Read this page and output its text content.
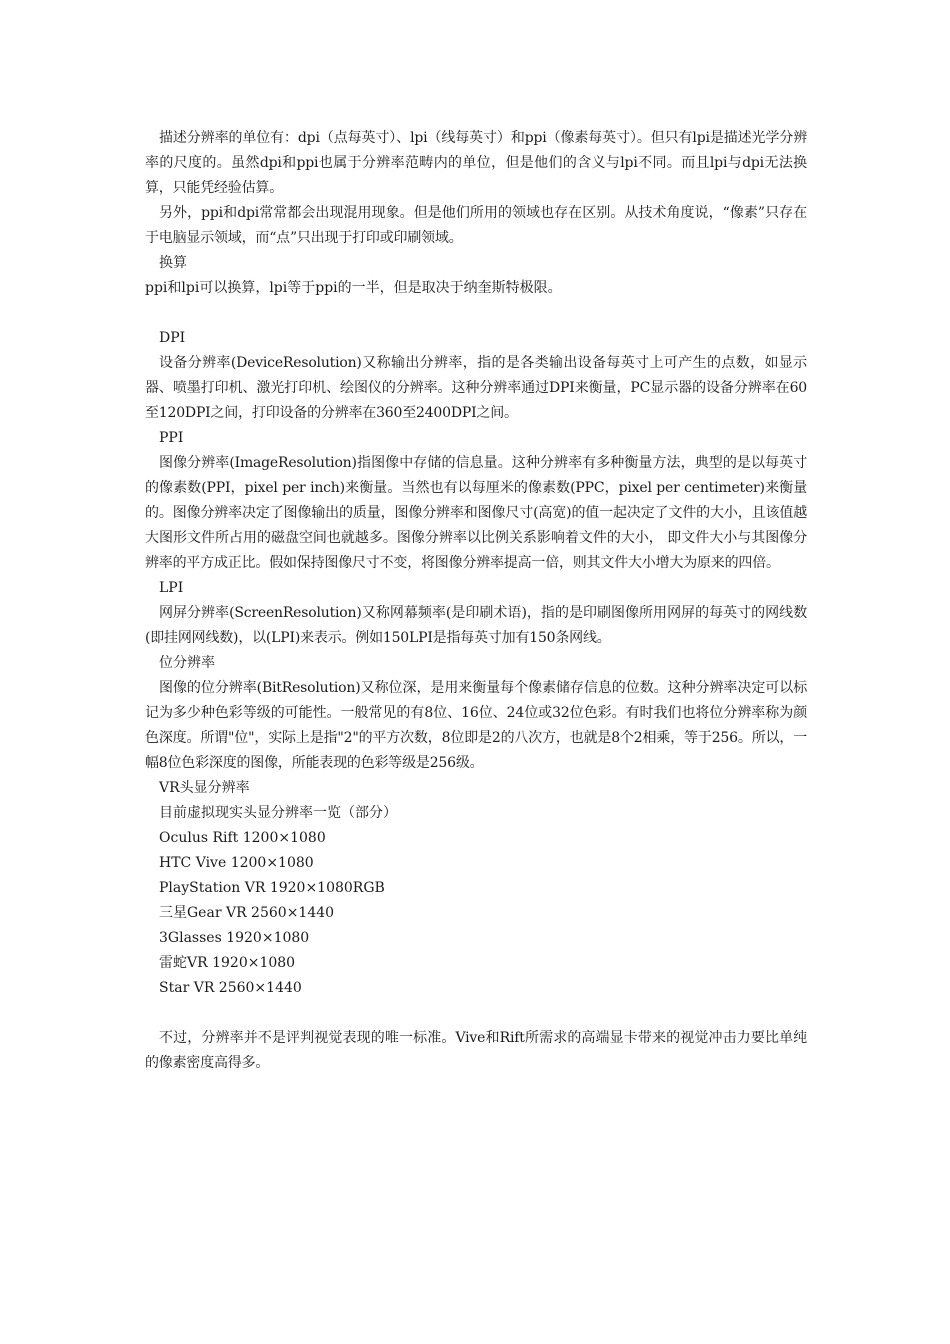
描述分辨率的单位有：dpi（点每英寸）、lpi（线每英寸）和ppi（像素每英寸）。但只有lpi是描述光学分辨率的尺度的。虽然dpi和ppi也属于分辨率范畴内的单位，但是他们的含义与lpi不同。而且lpi与dpi无法换算，只能凭经验估算。

另外，ppi和dpi常常都会出现混用现象。但是他们所用的领域也存在区别。从技术角度说，“像素”只存在于电脑显示领域，而“点”只出现于打印或印刷领域。

换算

ppi和lpi可以换算，lpi等于ppi的一半，但是取决于纳奎斯特极限。

DPI

设备分辨率(DeviceResolution)又称输出分辨率，指的是各类输出设备每英寸上可产生的点数，如显示器、喷墨打印机、激光打印机、绘图仪的分辨率。这种分辨率通过DPI来衡量，PC显示器的设备分辨率在60至120DPI之间，打印设备的分辨率在360至2400DPI之间。

PPI

图像分辨率(ImageResolution)指图像中存储的信息量。这种分辨率有多种衡量方法，典型的是以每英寸的像素数(PPI，pixel per inch)来衡量。当然也有以每厘米的像素数(PPC，pixel per centimeter)来衡量的。图像分辨率决定了图像输出的质量，图像分辨率和图像尺寸(高宽)的值一起决定了文件的大小，且该值越大图形文件所占用的磁盘空间也就越多。图像分辨率以比例关系影响着文件的大小， 即文件大小与其图像分辨率的平方成正比。假如保持图像尺寸不变，将图像分辨率提高一倍，则其文件大小增大为原来的四倍。

LPI

网屏分辨率(ScreenResolution)又称网幕频率(是印刷术语)，指的是印刷图像所用网屏的每英寸的网线数(即挂网网线数)，以(LPI)来表示。例如150LPI是指每英寸加有150条网线。

位分辨率

图像的位分辨率(BitResolution)又称位深，是用来衡量每个像素储存信息的位数。这种分辨率决定可以标记为多少种色彩等级的可能性。一般常见的有8位、16位、24位或32位色彩。有时我们也将位分辨率称为颜色深度。所谓"位"，实际上是指"2"的平方次数，8位即是2的八次方，也就是8个2相乘，等于256。所以，一幅8位色彩深度的图像，所能表现的色彩等级是256级。

VR头显分辨率

目前虚拟现实头显分辨率一览（部分）

Oculus Rift 1200×1080

HTC Vive 1200×1080

PlayStation VR 1920×1080RGB

三星Gear VR 2560×1440

3Glasses 1920×1080

雷蛇VR 1920×1080

Star VR 2560×1440

不过，分辨率并不是评判视觉表现的唯一标准。Vive和Rift所需求的高端显卡带来的视觉冲击力要比单纯的像素密度高得多。
